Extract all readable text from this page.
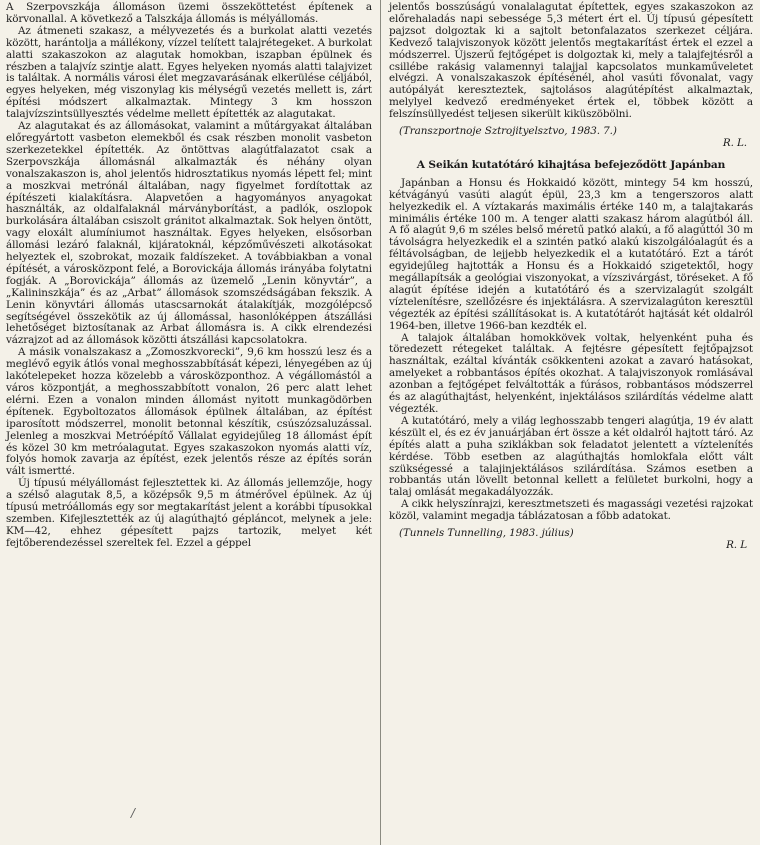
A Szerpovszkája állomáson üzemi összeköttetést építenek a körvonallal. A következő a Talszkája állomás is mélyállomás.

Az átmeneti szakasz, a mélyvezetés és a burkolat alatti vezetés között, harántolja a mállékony, vízzel telített talajrétegeket. A burkolat alatti szakaszokon az alagutak homokban, iszapban épülnek és részben a talajvíz szintje alatt. Egyes helyeken nyomás alatti talajvizet is találtak. A normális városi élet megzavarásának elkerülése céljából, egyes helyeken, még viszonylag kis mélységű vezetés mellett is, zárt építési módszert alkalmaztak. Mintegy 3 km hosszon talajvízszintsüllyesztés védelme mellett építették az alagutakat.

Az alagutakat és az állomásokat, valamint a műtárgyakat általában előregyártott vasbeton elemekből és csak részben monolit vasbeton szerkezetekkel építették. Az öntöttvas alagútfalazatot csak a Szerpovszkája állomásnál alkalmazták és néhány olyan vonalszakaszon is, ahol jelentős hidrosztatikus nyomás lépett fel; mint a moszkvai metrónál általában, nagy figyelmet fordítottak az építészeti kialakításra. Alapvetően a hagyományos anyagokat használták, az oldalfalaknál márványborítást, a padlók, oszlopok burkolására általában csiszolt gránitot alkalmaztak. Sok helyen öntött, vagy eloxált alumíniumot használtak. Egyes helyeken, elsősorban állomási lezáró falaknál, kijáratoknál, képzőművészeti alkotásokat helyeztek el, szobrokat, mozaik faldíszeket. A továbbiakban a vonal építését, a városközpont felé, a Borovickája állomás irányába folytatni fogják. A „Borovickája” állomás az üzemelő „Lenin könyvtár”, a „Kalininszkája” és az „Arbat” állomások szomszédságában fekszik. A Lenin könyvtári állomás utascsarnokát átalakítják, mozgólépcső segítségével összekötik az új állomással, hasonlóképpen átszállási lehetőséget biztosítanak az Arbat állomásra is. A cikk elrendezési vázrajzot ad az állomások közötti átszállási kapcsolatokra.

A másik vonalszakasz a „Zomoszkvorecki”, 9,6 km hosszú lesz és a meglévő egyik átlós vonal meghosszabbítását képezi, lényegében az új lakótelepeket hozza közelebb a városközponthoz. A végállomástól a város központját, a meghosszabbított vonalon, 26 perc alatt lehet elérni. Ezen a vonalon minden állomást nyitott munkagödörben építenek. Egyboltozatos állomások épülnek általában, az építést iparosított módszerrel, monolit betonnal készítik, csúszózsaluzással. Jelenleg a moszkvai Metróépítő Vállalat egyidejűleg 18 állomást épít és közel 30 km metróalagutat. Egyes szakaszokon nyomás alatti víz, folyós homok zavarja az építést, ezek jelentős része az építés során vált ismertté.

Új típusú mélyállomást fejlesztettek ki. Az állomás jellemzője, hogy a szélső alagutak 8,5, a középsők 9,5 m átmérővel épülnek. Az új típusú metróállomás egy sor megtakarítást jelent a korábbi típusokkal szemben. Kifejlesztették az új alagúthajtó gépláncot, melynek a jele: KM—42, ehhez gépesített pajzs tartozik, melyet két fejtőberendezéssel szereltek fel. Ezzel a géppel

/

jelentős bosszúságú vonalalagutat építettek, egyes szakaszokon az előrehaladás napi sebessége 5,3 métert ért el. Új típusú gépesített pajzsot dolgoztak ki a sajtolt betonfalazatos szerkezet céljára. Kedvező talajviszonyok között jelentős megtakarítást értek el ezzel a módszerrel. Újszerű fejtőgépet is dolgoztak ki, mely a talajfejtésről a csillébe rakásig valamennyi talajjal kapcsolatos munkaműveletet elvégzi. A vonalszakaszok építésénél, ahol vasúti fővonalat, vagy autópályát kereszteztek, sajtolásos alagútépítést alkalmaztak, melylyel kedvező eredményeket értek el, többek között a felszínsüllyedést teljesen sikerült kiküszöbölni.

(Transzportnoje Sztrojityelsztvo, 1983. 7.)

R. L.

A Seikán kutatótáró kihajtása befejeződött Japánban

Japánban a Honsu és Hokkaidó között, mintegy 54 km hosszú, kétvágányú vasúti alagút épül, 23,3 km a tengerszoros alatt helyezkedik el. A víztakarás maximális értéke 140 m, a talajtakarás minimális értéke 100 m. A tenger alatti szakasz három alagútból áll. A fő alagút 9,6 m széles belső méretű patkó alakú, a fő alagúttól 30 m távolságra helyezkedik el a szintén patkó alakú kiszolgálóalagút és a féltávolságban, de lejjebb helyezkedik el a kutatótáró. Ezt a tárót egyidejűleg hajtották a Honsu és a Hokkaidó szigetektől, hogy megállapítsák a geológiai viszonyokat, a vízszivárgást, töréseket. A fő alagút építése idején a kutatótáró és a szervizalagút szolgált víztelenítésre, szellőzésre és injektálásra. A szervizalagúton keresztül végezték az építési szállításokat is. A kutatótárót hajtását két oldalról 1964-ben, illetve 1966-ban kezdték el.

A talajok általában homokkövek voltak, helyenként puha és töredezett rétegeket találtak. A fejtésre gépesített fejtőpajzsot használtak, ezáltal kívánták csökkenteni azokat a zavaró hatásokat, amelyeket a robbantásos építés okozhat. A talajviszonyok romlásával azonban a fejtőgépet felváltották a fúrásos, robbantásos módszerrel és az alagúthajtást, helyenként, injektálásos szilárdítás védelme alatt végezték.

A kutatótáró, mely a világ leghosszabb tengeri alagútja, 19 év alatt készült el, és ez év januárjában ért össze a két oldalról hajtott táró. Az építés alatt a puha sziklákban sok feladatot jelentett a víztelenítés kérdése. Több esetben az alagúthajtás homlokfala előtt vált szükségessé a talajinjektálásos szilárdítása. Számos esetben a robbantás után lövellt betonnal kellett a felületet burkolni, hogy a talaj omlását megakadályozzák.

A cikk helyszínrajzi, keresztmetszeti és magassági vezetési rajzokat közöl, valamint megadja táblázatosan a főbb adatokat.

(Tunnels Tunnelling, 1983. július)

R. L
